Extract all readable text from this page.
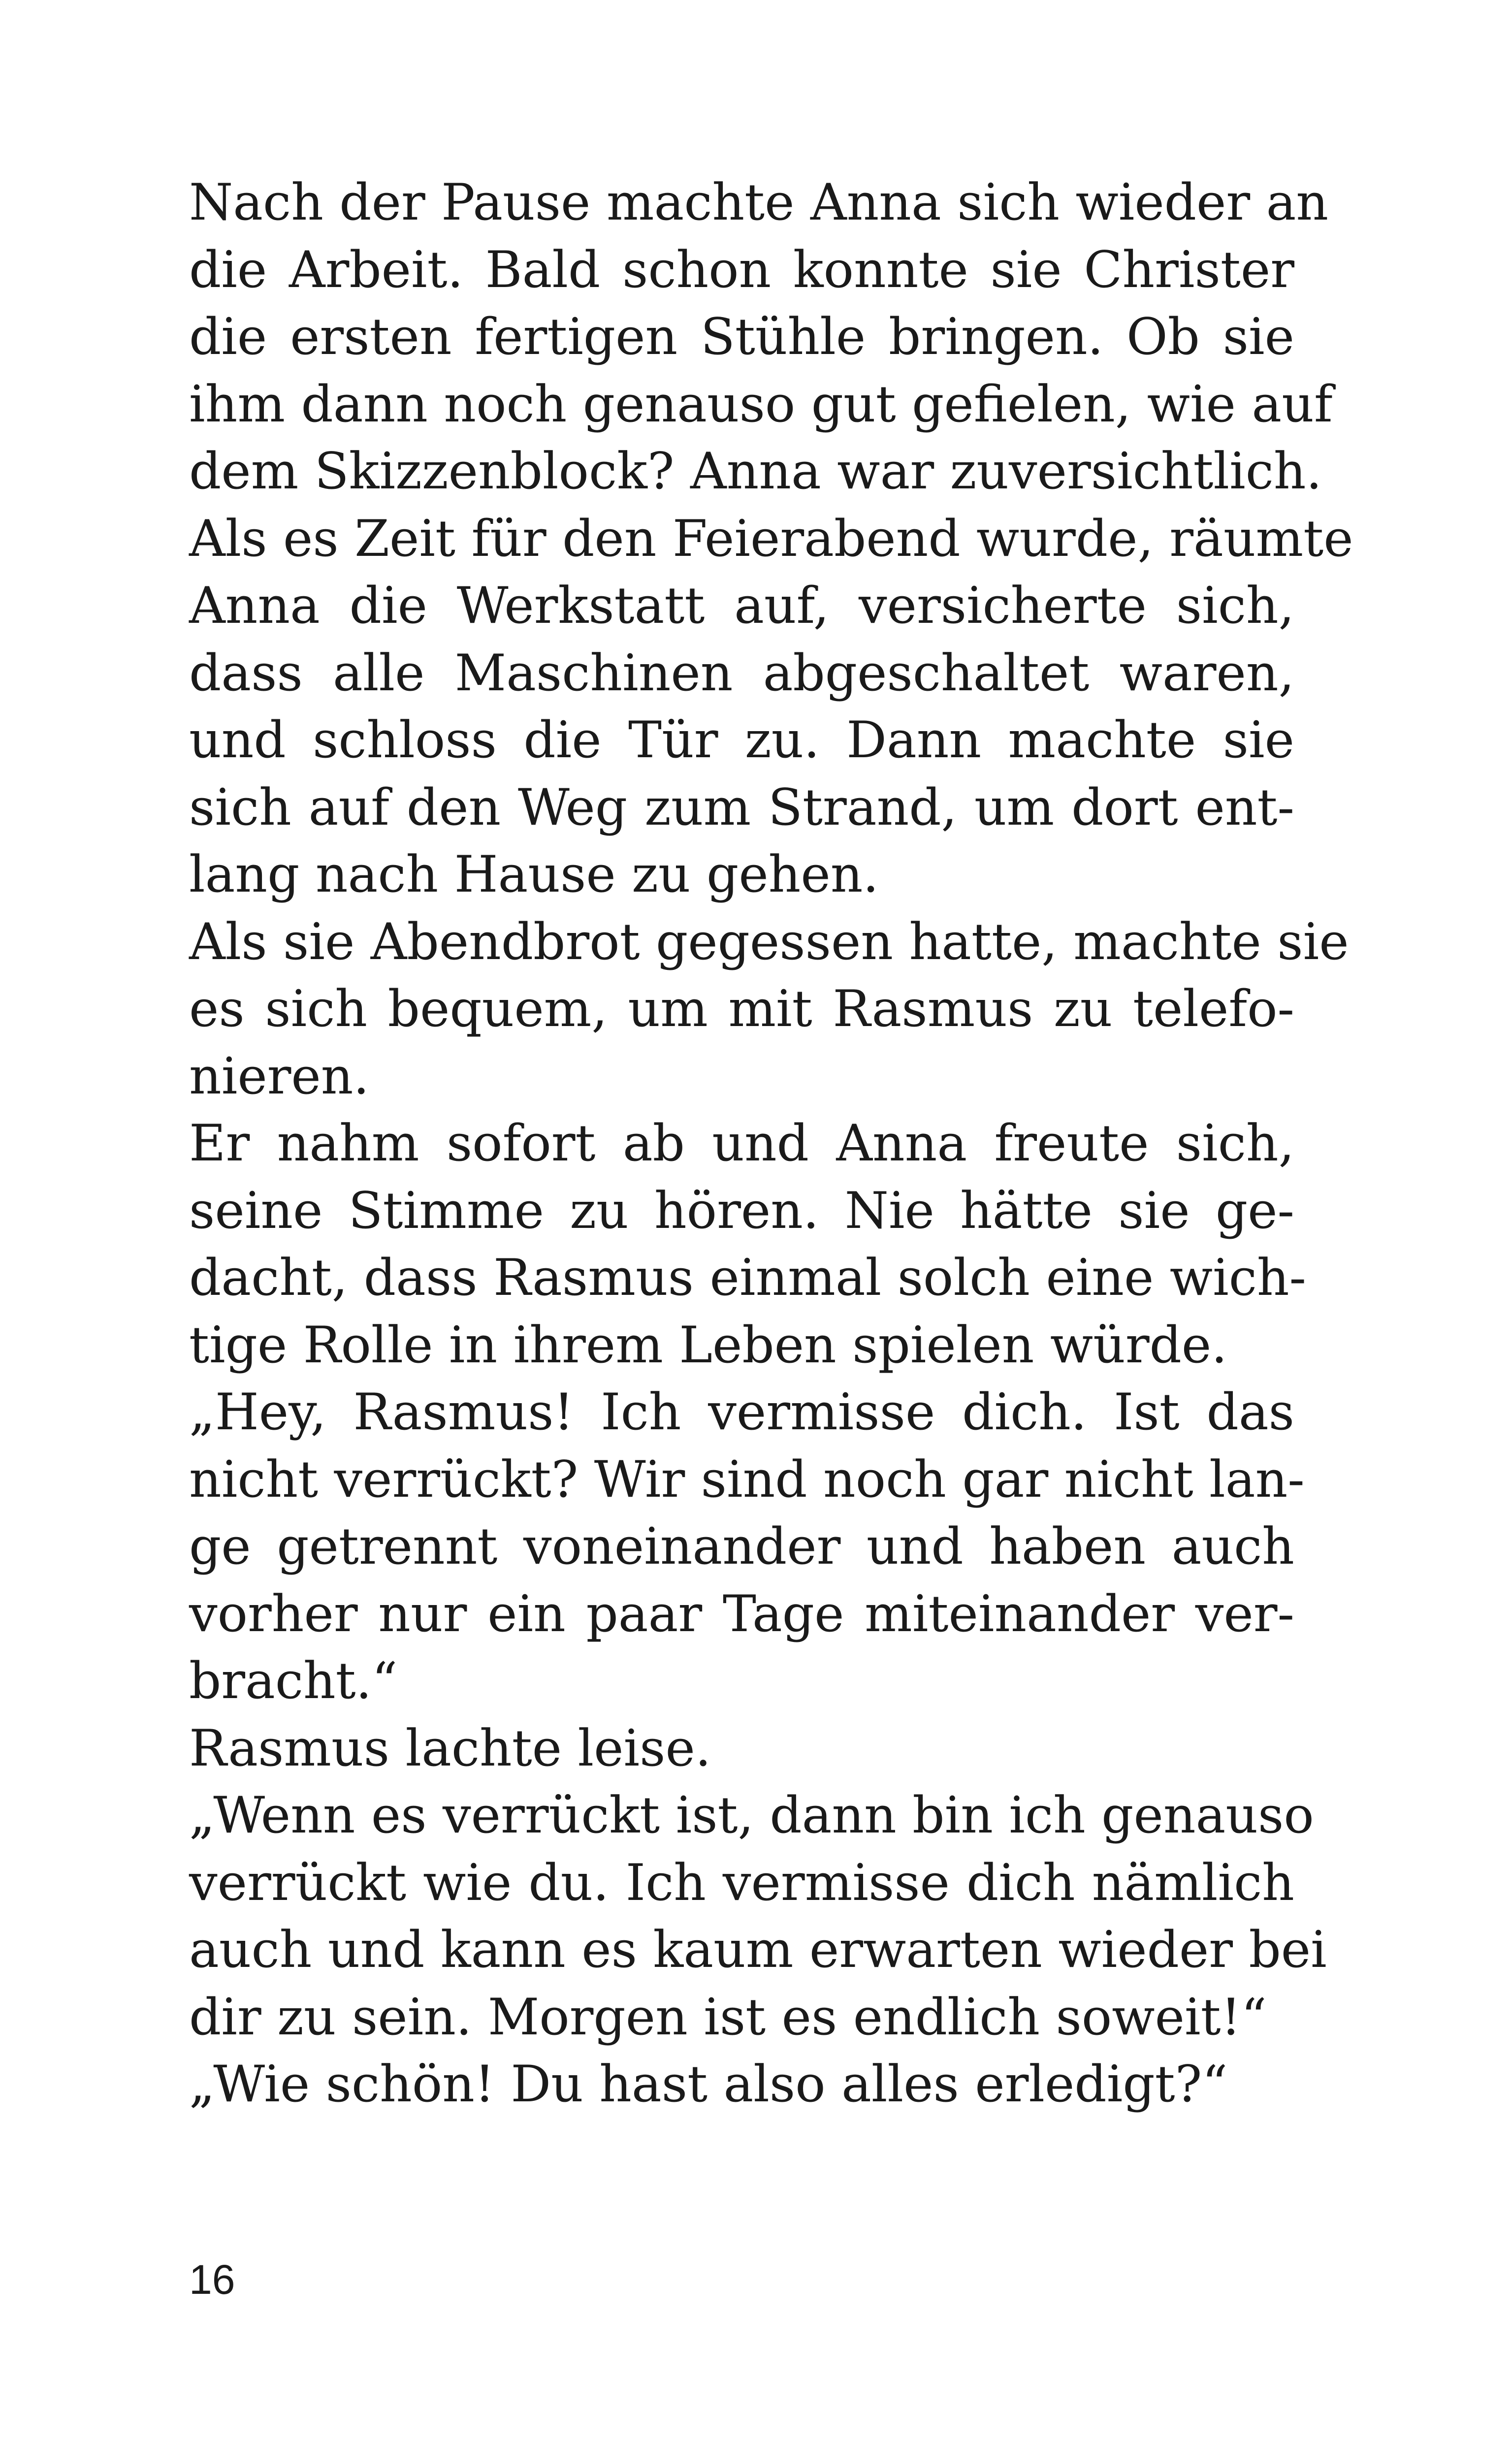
Nach der Pause machte Anna sich wieder an
die Arbeit. Bald schon konnte sie Christer
die ersten fertigen Stühle bringen. Ob sie
ihm dann noch genauso gut gefielen, wie auf
dem Skizzenblock? Anna war zuversichtlich.
Als es Zeit für den Feierabend wurde, räumte
Anna die Werkstatt auf, versicherte sich,
dass alle Maschinen abgeschaltet waren,
und schloss die Tür zu. Dann machte sie
sich auf den Weg zum Strand, um dort ent-
lang nach Hause zu gehen.
Als sie Abendbrot gegessen hatte, machte sie
es sich bequem, um mit Rasmus zu telefo-
nieren.
Er nahm sofort ab und Anna freute sich,
seine Stimme zu hören. Nie hätte sie ge-
dacht, dass Rasmus einmal solch eine wich-
tige Rolle in ihrem Leben spielen würde.
„Hey, Rasmus! Ich vermisse dich. Ist das
nicht verrückt? Wir sind noch gar nicht lan-
ge getrennt voneinander und haben auch
vorher nur ein paar Tage miteinander ver-
bracht.“
Rasmus lachte leise.
„Wenn es verrückt ist, dann bin ich genauso
verrückt wie du. Ich vermisse dich nämlich
auch und kann es kaum erwarten wieder bei
dir zu sein. Morgen ist es endlich soweit!“
„Wie schön! Du hast also alles erledigt?“
16
